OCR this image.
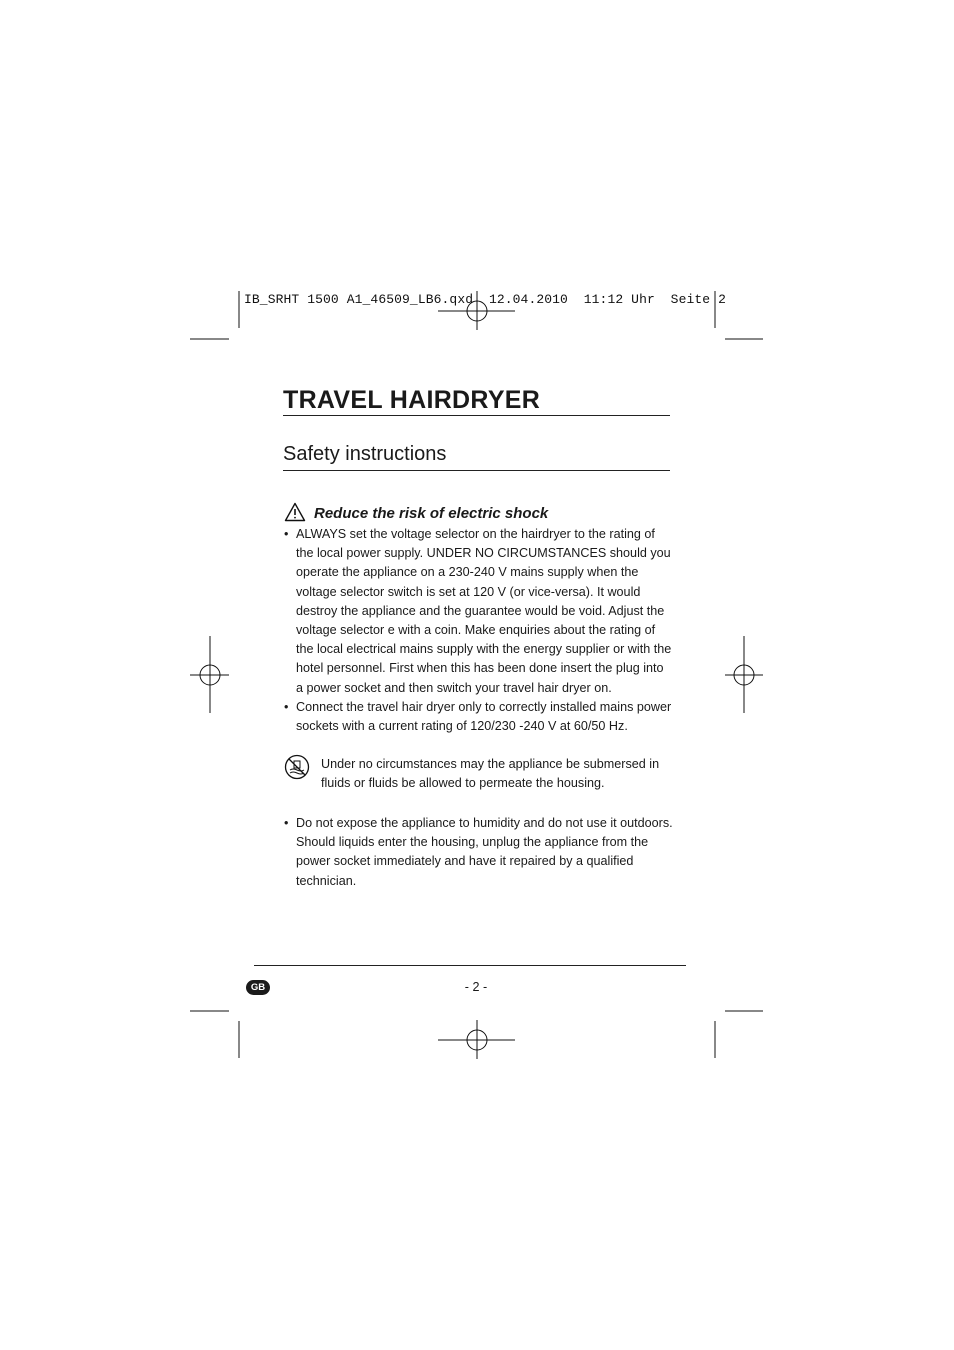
IB_SRHT 1500 A1_46509_LB6.qxd  12.04.2010  11:12 Uhr  Seite 2
TRAVEL HAIRDRYER
Safety instructions
Reduce the risk of electric shock

• ALWAYS set the voltage selector on the hairdryer to the rating of the local power supply. UNDER NO CIRCUMSTANCES should you operate the appliance on a 230-240 V mains supply when the voltage selector switch is set at 120 V (or vice-versa). It would destroy the appliance and the guarantee would be void. Adjust the voltage selector e with a coin. Make enquiries about the rating of the local electrical mains supply with the energy supplier or with the hotel personnel. First when this has been done insert the plug into a power socket and then switch your travel hair dryer on.

• Connect the travel hair dryer only to correctly installed mains power sockets with a current rating of 120/230 -240 V at 60/50 Hz.

Under no circumstances may the appliance be submersed in fluids or fluids be allowed to permeate the housing.

• Do not expose the appliance to humidity and do not use it outdoors. Should liquids enter the housing, unplug the appliance from the power socket immediately and have it repaired by a qualified technician.

GB	- 2 -
